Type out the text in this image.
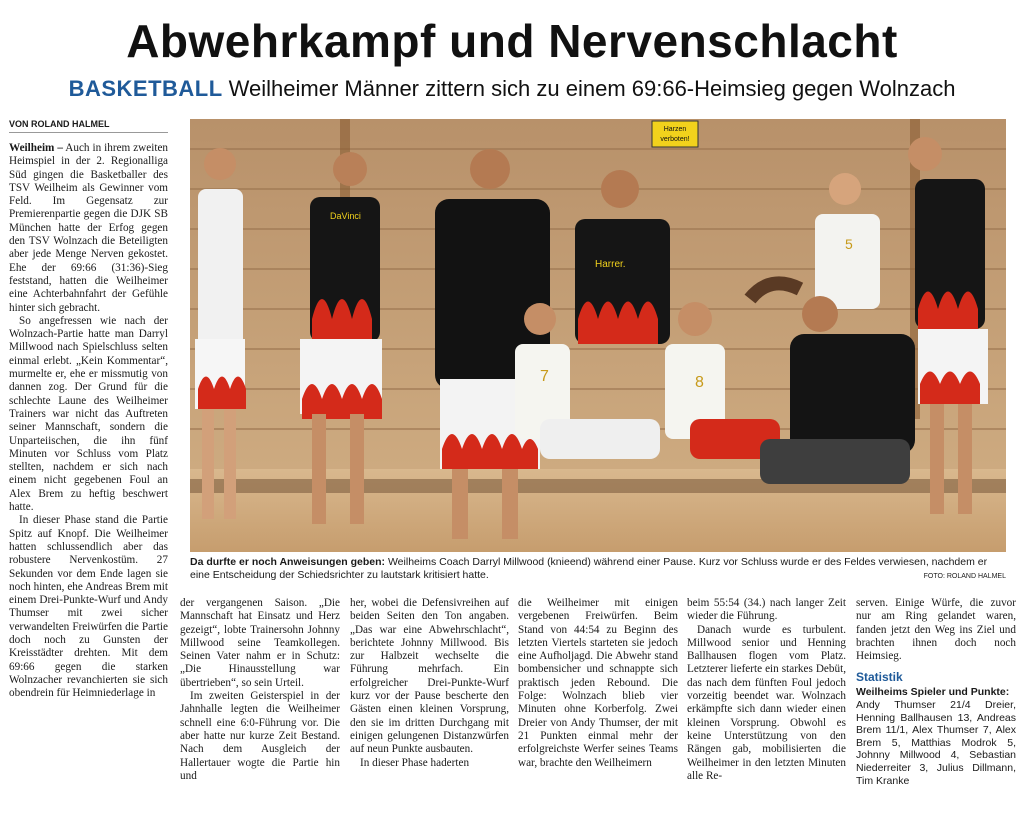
Abwehrkampf und Nervenschlacht
BASKETBALL Weilheimer Männer zittern sich zu einem 69:66-Heimsieg gegen Wolnzach
VON ROLAND HALMEL

Weilheim – Auch in ihrem zweiten Heimspiel in der 2. Regionalliga Süd gingen die Basketballer des TSV Weilheim als Gewinner vom Feld. Im Gegensatz zur Premierenpartie gegen die DJK SB München hatte der Erfog gegen den TSV Wolnzach die Beteiligten aber jede Menge Nerven gekostet. Ehe der 69:66 (31:36)-Sieg feststand, hatten die Weilheimer eine Achterbahnfahrt der Gefühle hinter sich gebracht.

So angefressen wie nach der Wolnzach-Partie hatte man Darryl Millwood nach Spielschluss selten einmal erlebt. „Kein Kommentar“, murmelte er, ehe er missmutig von dannen zog. Der Grund für die schlechte Laune des Weilheimer Trainers war nicht das Auftreten seiner Mannschaft, sondern die Unparteiischen, die ihn fünf Minuten vor Schluss vom Platz stellten, nachdem er sich nach einem nicht gegebenen Foul an Alex Brem zu heftig beschwert hatte.

In dieser Phase stand die Partie Spitz auf Knopf. Die Weilheimer hatten schlussendlich aber das robustere Nervenkostüm. 27 Sekunden vor dem Ende lagen sie noch hinten, ehe Andreas Brem mit einem Drei-Punkte-Wurf und Andy Thumser mit zwei sicher verwandelten Freiwürfen die Partie doch noch zu Gunsten der Kreisstädter drehten. Mit dem 69:66 gegen die starken Wolnzacher revanchierten sie sich obendrein für Heimniederlage in

Harzen
verboten!
DaVinci
Harrer.
7	8
5
Da durfte er noch Anweisungen geben: Weilheims Coach Darryl Millwood (knieend) während einer Pause. Kurz vor Schluss wurde er des Feldes verwiesen, nachdem er eine Entscheidung der Schiedsrichter zu lautstark kritisiert hatte.	FOTO: ROLAND HALMEL

der vergangenen Saison. „Die Mannschaft hat Einsatz und Herz gezeigt“, lobte Trainersohn Johnny Millwood seine Teamkollegen. Seinen Vater nahm er in Schutz: „Die Hinausstellung war übertrieben“, so sein Urteil.

Im zweiten Geisterspiel in der Jahnhalle legten die Weilheimer schnell eine 6:0-Führung vor. Die aber hatte nur kurze Zeit Bestand. Nach dem Ausgleich der Hallertauer wogte die Partie hin und

her, wobei die Defensivreihen auf beiden Seiten den Ton angaben. „Das war eine Abwehrschlacht“, berichtete Johnny Millwood. Bis zur Halbzeit wechselte die Führung mehrfach. Ein erfolgreicher Drei-Punkte-Wurf kurz vor der Pause bescherte den Gästen einen kleinen Vorsprung, den sie im dritten Durchgang mit einigen gelungenen Distanzwürfen auf neun Punkte ausbauten.

In dieser Phase haderten

die Weilheimer mit einigen vergebenen Freiwürfen. Beim Stand von 44:54 zu Beginn des letzten Viertels starteten sie jedoch eine Aufholjagd. Die Abwehr stand bombensicher und schnappte sich praktisch jeden Rebound. Die Folge: Wolnzach blieb vier Minuten ohne Korberfolg. Zwei Dreier von Andy Thumser, der mit 21 Punkten einmal mehr der erfolgreichste Werfer seines Teams war, brachte den Weilheimern

beim 55:54 (34.) nach langer Zeit wieder die Führung.

Danach wurde es turbulent. Millwood senior und Henning Ballhausen flogen vom Platz. Letzterer lieferte ein starkes Debüt, das nach dem fünften Foul jedoch vorzeitig beendet war. Wolnzach erkämpfte sich dann wieder einen kleinen Vorsprung. Obwohl es keine Unterstützung von den Rängen gab, mobilisierten die Weilheimer in den letzten Minuten alle Re-

serven. Einige Würfe, die zuvor nur am Ring gelandet waren, fanden jetzt den Weg ins Ziel und brachten ihnen doch noch Heimsieg.

Statistik
Weilheims Spieler und Punkte:
Andy Thumser 21/4 Dreier, Henning Ballhausen 13, Andreas Brem 11/1, Alex Thumser 7, Alex Brem 5, Matthias Modrok 5, Johnny Millwood 4, Sebastian Niederreiter 3, Julius Dillmann, Tim Kranke
